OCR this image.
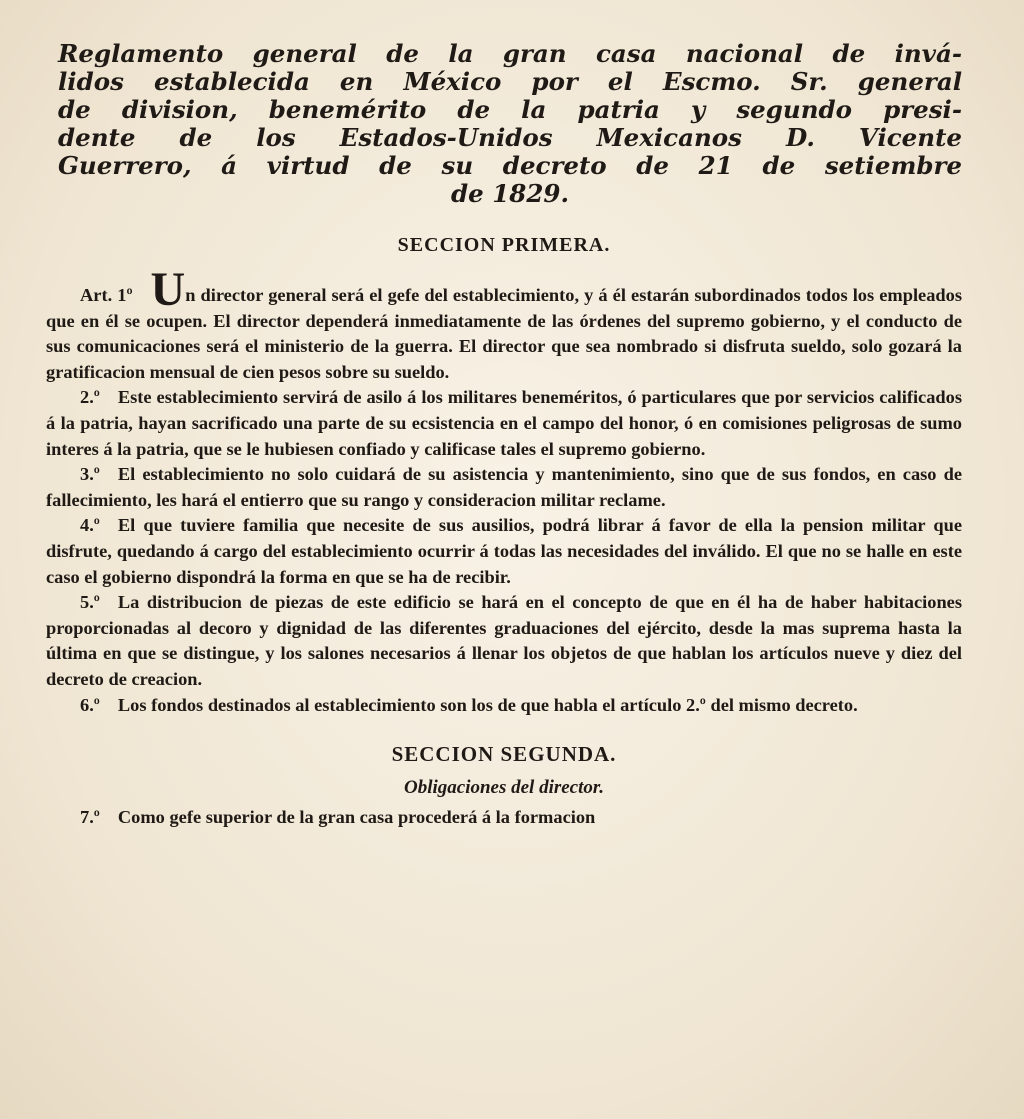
Reglamento general de la gran casa nacional de invá-
lidos establecida en México por el Escmo. Sr. general
de division, benemérito de la patria y segundo presi-
dente de los Estados-Unidos Mexicanos D. Vicente
Guerrero, á virtud de su decreto de 21 de setiembre
de 1829.
SECCION PRIMERA.

Art. 1º Un director general será el gefe del establecimiento, y á él estarán subordinados todos los empleados que en él se ocupen. El director dependerá inmediatamente de las órdenes del supremo gobierno, y el conducto de sus comunicaciones será el ministerio de la guerra. El director que sea nombrado si disfruta sueldo, solo gozará la gratificacion mensual de cien pesos sobre su sueldo.

2.º Este establecimiento servirá de asilo á los militares beneméritos, ó particulares que por servicios calificados á la patria, hayan sacrificado una parte de su ecsistencia en el campo del honor, ó en comisiones peligrosas de sumo interes á la patria, que se le hubiesen confiado y calificase tales el supremo gobierno.

3.º El establecimiento no solo cuidará de su asistencia y mantenimiento, sino que de sus fondos, en caso de fallecimiento, les hará el entierro que su rango y consideracion militar reclame.

4.º El que tuviere familia que necesite de sus ausilios, podrá librar á favor de ella la pension militar que disfrute, quedando á cargo del establecimiento ocurrir á todas las necesidades del inválido. El que no se halle en este caso el gobierno dispondrá la forma en que se ha de recibir.

5.º La distribucion de piezas de este edificio se hará en el concepto de que en él ha de haber habitaciones proporcionadas al decoro y dignidad de las diferentes graduaciones del ejército, desde la mas suprema hasta la última en que se distingue, y los salones necesarios á llenar los objetos de que hablan los artículos nueve y diez del decreto de creacion.

6.º Los fondos destinados al establecimiento son los de que habla el artículo 2.º del mismo decreto.

SECCION SEGUNDA.
Obligaciones del director.

7.º Como gefe superior de la gran casa procederá á la formacion
